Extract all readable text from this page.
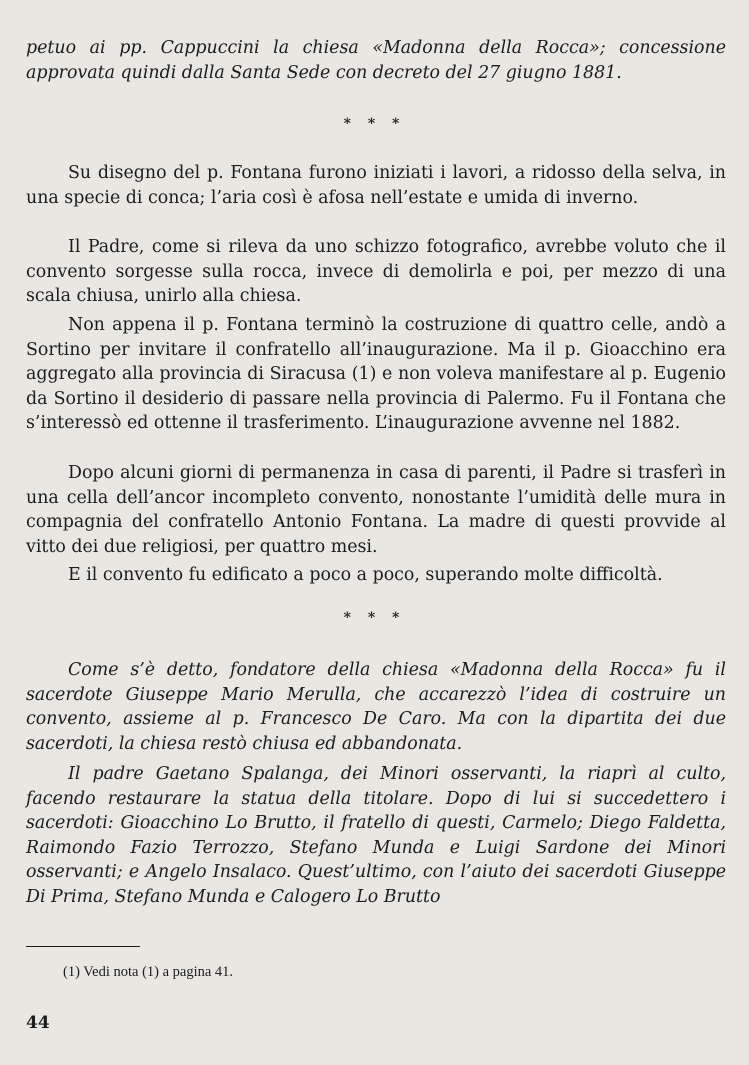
petuo ai pp. Cappuccini la chiesa «Madonna della Rocca»; concessione approvata quindi dalla Santa Sede con decreto del 27 giugno 1881.

* * *

Su disegno del p. Fontana furono iniziati i lavori, a ridosso della selva, in una specie di conca; l’aria così è afosa nell’estate e umida di inverno.

Il Padre, come si rileva da uno schizzo fotografico, avrebbe voluto che il convento sorgesse sulla rocca, invece di demolirla e poi, per mezzo di una scala chiusa, unirlo alla chiesa.

Non appena il p. Fontana terminò la costruzione di quattro celle, andò a Sortino per invitare il confratello all’inaugurazione. Ma il p. Gioacchino era aggregato alla provincia di Siracusa (1) e non voleva manifestare al p. Eugenio da Sortino il desiderio di passare nella provincia di Palermo. Fu il Fontana che s’interessò ed ottenne il trasferimento. L’inaugurazione avvenne nel 1882.

Dopo alcuni giorni di permanenza in casa di parenti, il Padre si trasferì in una cella dell’ancor incompleto convento, nonostante l’umidità delle mura in compagnia del confratello Antonio Fontana. La madre di questi provvide al vitto dei due religiosi, per quattro mesi.

E il convento fu edificato a poco a poco, superando molte difficoltà.

* * *

Come s’è detto, fondatore della chiesa «Madonna della Rocca» fu il sacerdote Giuseppe Mario Merulla, che accarezzò l’idea di costruire un convento, assieme al p. Francesco De Caro. Ma con la dipartita dei due sacerdoti, la chiesa restò chiusa ed abbandonata.

Il padre Gaetano Spalanga, dei Minori osservanti, la riaprì al culto, facendo restaurare la statua della titolare. Dopo di lui si succedettero i sacerdoti: Gioacchino Lo Brutto, il fratello di questi, Carmelo; Diego Faldetta, Raimondo Fazio Terrozzo, Stefano Munda e Luigi Sardone dei Minori osservanti; e Angelo Insalaco. Quest’ultimo, con l’aiuto dei sacerdoti Giuseppe Di Prima, Stefano Munda e Calogero Lo Brutto

(1) Vedi nota (1) a pagina 41.
44
